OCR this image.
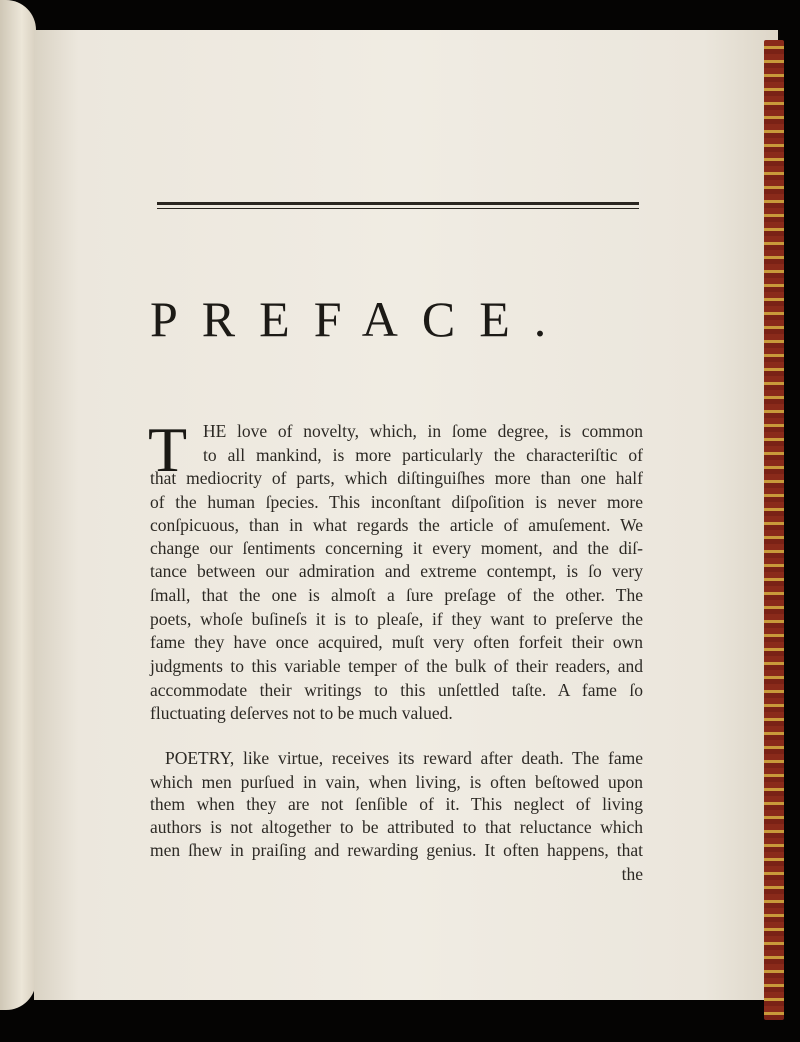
PREFACE.
T HE love of novelty, which, in ſome degree, is common
to all mankind, is more particularly the characteriſtic of
that mediocrity of parts, which diſtinguiſhes more than one half
of the human ſpecies. This inconſtant diſpoſition is never more
conſpicuous, than in what regards the article of amuſement. We
change our ſentiments concerning it every moment, and the diſ-
tance between our admiration and extreme contempt, is ſo very
ſmall, that the one is almoſt a ſure preſage of the other. The
poets, whoſe buſineſs it is to pleaſe, if they want to preſerve the
fame they have once acquired, muſt very often forfeit their own
judgments to this variable temper of the bulk of their readers, and
accommodate their writings to this unſettled taſte. A fame ſo
fluctuating deſerves not to be much valued.
POETRY, like virtue, receives its reward after death. The fame
which men purſued in vain, when living, is often beſtowed upon
them when they are not ſenſible of it. This neglect of living
authors is not altogether to be attributed to that reluctance which
men ſhew in praiſing and rewarding genius. It often happens, that
the
